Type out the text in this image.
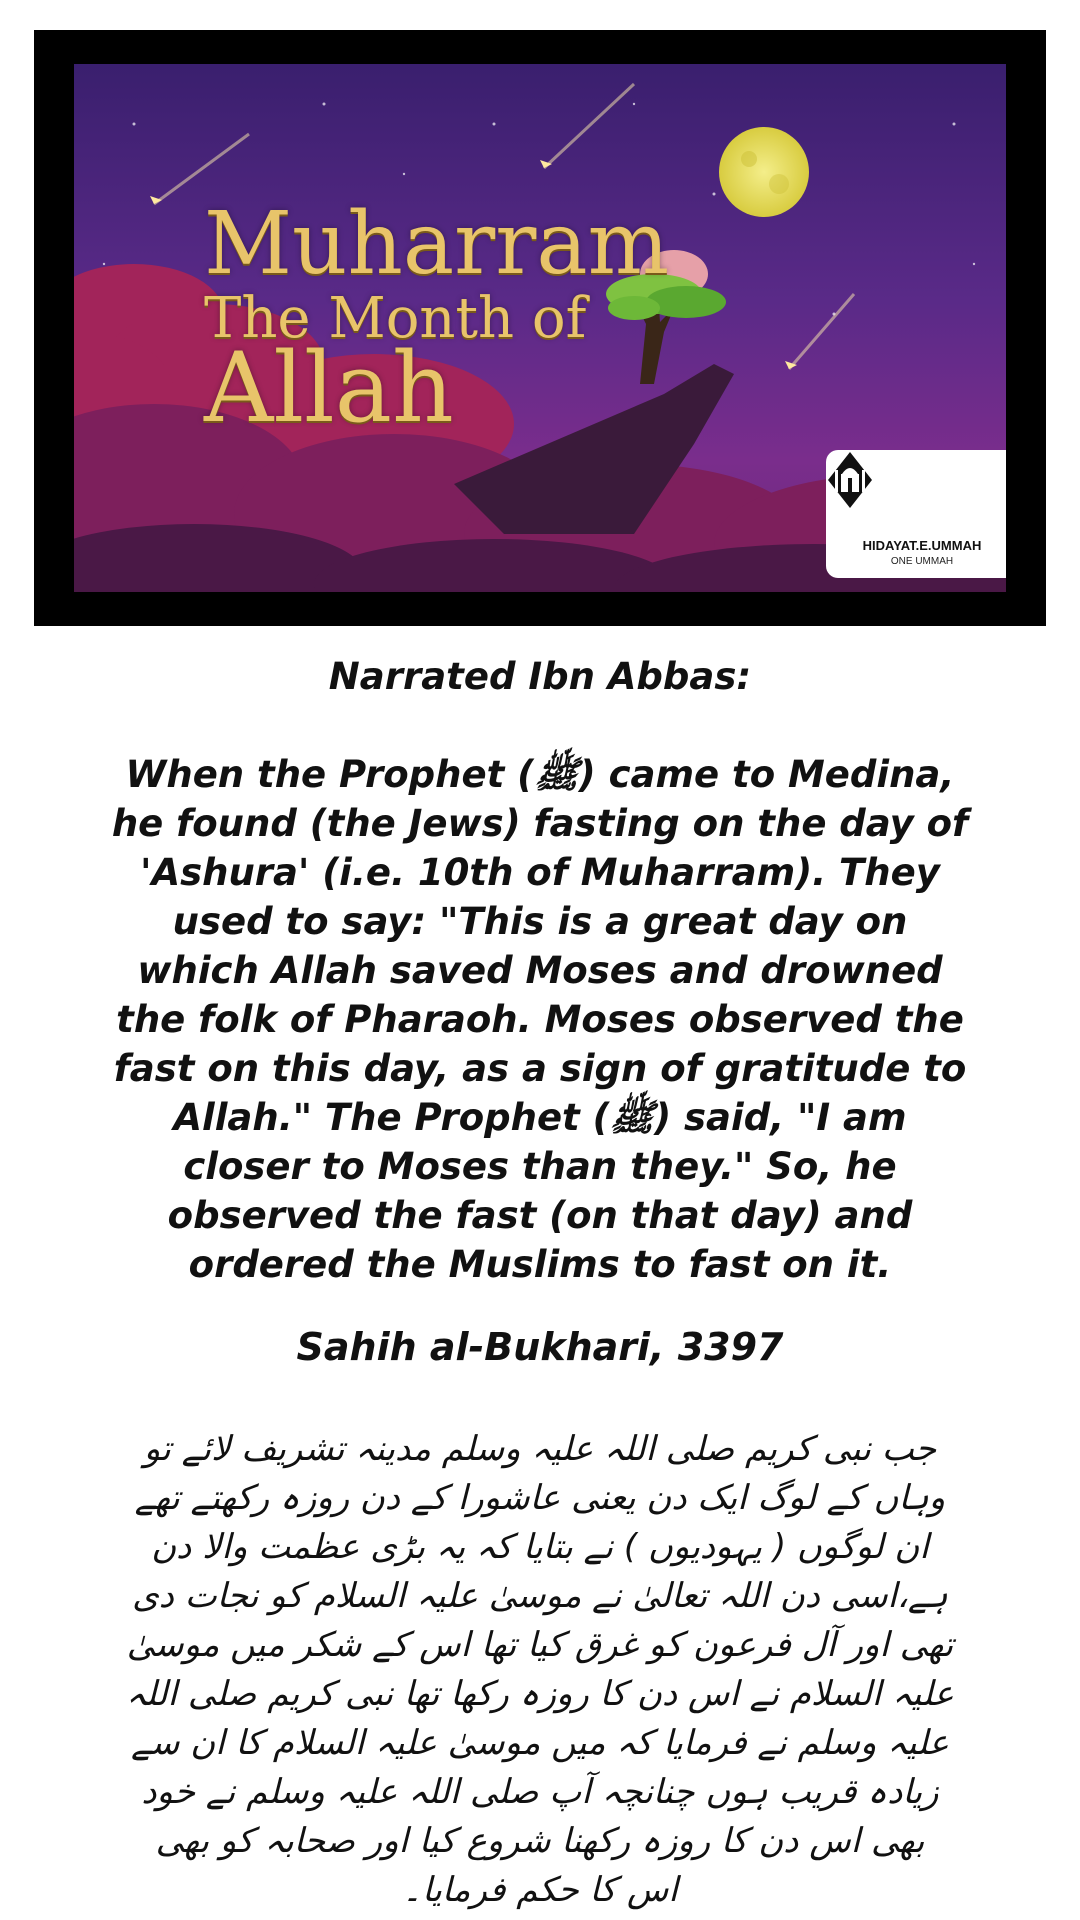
Muharram
The Month of
Allah
HIDAYAT.E.UMMAH
ONE UMMAH
Narrated Ibn Abbas:
When the Prophet (ﷺ) came to Medina,
he found (the Jews) fasting on the day of
'Ashura' (i.e. 10th of Muharram). They
used to say: "This is a great day on
which Allah saved Moses and drowned
the folk of Pharaoh. Moses observed the
fast on this day, as a sign of gratitude to
Allah." The Prophet (ﷺ) said, "I am
closer to Moses than they." So, he
observed the fast (on that day) and
ordered the Muslims to fast on it.
Sahih al-Bukhari, 3397
جب نبی کریم صلی اللہ علیہ وسلم مدینہ تشریف لائے تو
وہاں کے لوگ ایک دن یعنی عاشورا کے دن روزہ رکھتے تھے
ان لوگوں ( یہودیوں ) نے بتایا کہ یہ بڑی عظمت والا دن
ہے،اسی دن اللہ تعالیٰ نے موسیٰ علیہ السلام کو نجات دی
تھی اور آل فرعون کو غرق کیا تھا اس کے شکر میں موسیٰ
علیہ السلام نے اس دن کا روزہ رکھا تھا نبی کریم صلی اللہ
علیہ وسلم نے فرمایا کہ میں موسیٰ علیہ السلام کا ان سے
زیادہ قریب ہوں چنانچہ آپ صلی اللہ علیہ وسلم نے خود
بھی اس دن کا روزہ رکھنا شروع کیا اور صحابہ کو بھی
اس کا حکم فرمایا۔
